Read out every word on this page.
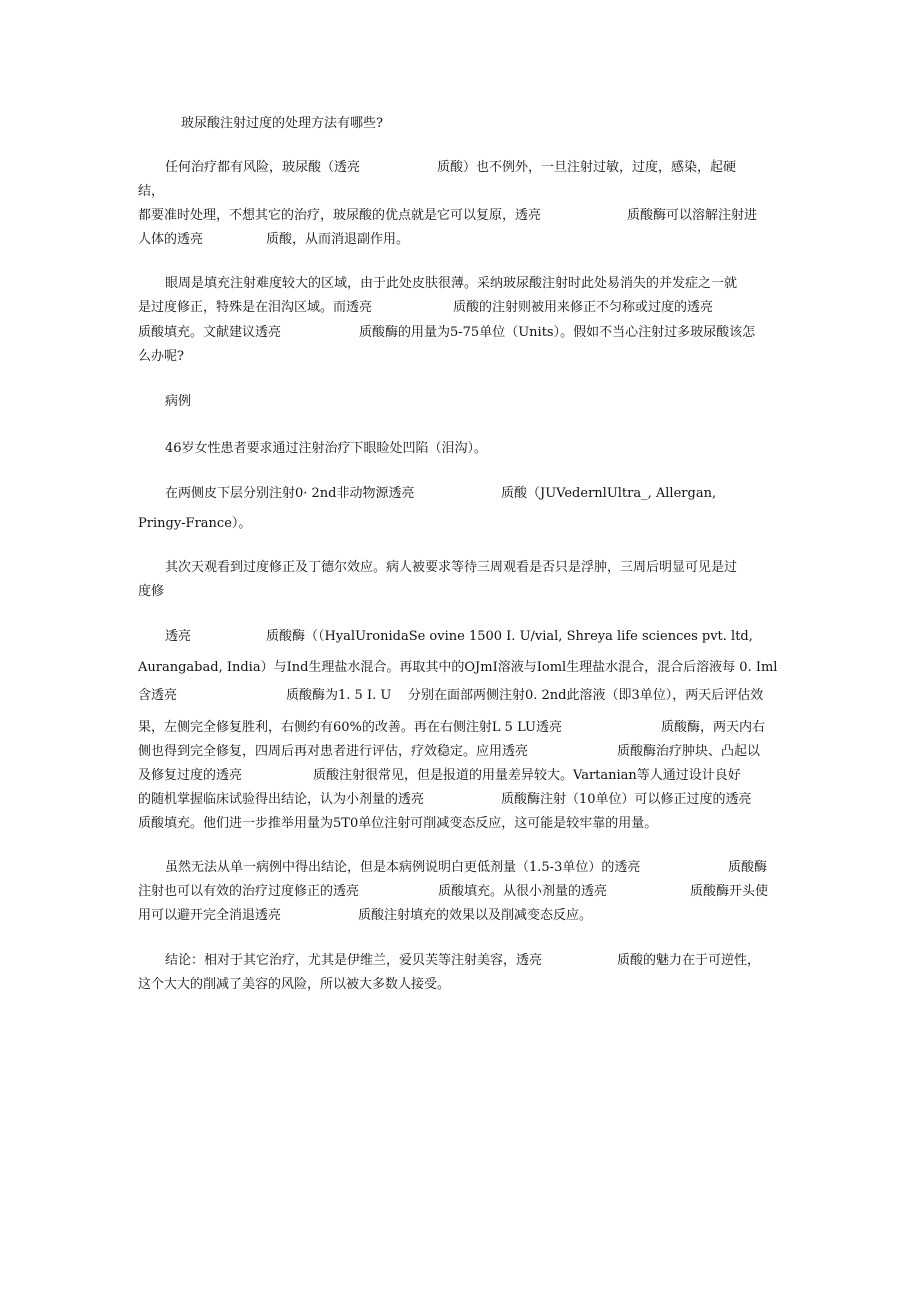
玻尿酸注射过度的处理方法有哪些?
任何治疗都有风险，玻尿酸（透亮	质酸）也不例外，一旦注射过敏，过度，感染，起硬
结，
都要准时处理，不想其它的治疗，玻尿酸的优点就是它可以复原，透亮	质酸酶可以溶解注射进
人体的透亮	质酸，从而消退副作用。
眼周是填充注射难度较大的区域，由于此处皮肤很薄。采纳玻尿酸注射时此处易消失的并发症之一就
是过度修正，特殊是在泪沟区域。而透亮	质酸的注射则被用来修正不匀称或过度的透亮
质酸填充。文献建议透亮	质酸酶的用量为5-75单位（Units）。假如不当心注射过多玻尿酸该怎
么办呢?
病例
46岁女性患者要求通过注射治疗下眼睑处凹陷（泪沟）。
在两侧皮下层分别注射0· 2nd非动物源透亮	质酸（JUVedernlUltra_, Allergan,
Pringy-France）。
其次天观看到过度修正及丁德尔效应。病人被要求等待三周观看是否只是浮肿，三周后明显可见是过
度修
透亮	质酸酶（（HyalUronidaSe ovine 1500 I. U/vial, Shreya life sciences pvt. ltd,
Aurangabad, India）与Ind生理盐水混合。再取其中的OJmI溶液与Ioml生理盐水混合，混合后溶液每 0. Iml
含透亮	质酸酶为1. 5 I. U 分别在面部两侧注射0. 2nd此溶液（即3单位），两天后评估效
果，左侧完全修复胜利，右侧约有60%的改善。再在右侧注射L 5 LU透亮	质酸酶，两天内右
侧也得到完全修复，四周后再对患者进行评估，疗效稳定。应用透亮	质酸酶治疗肿块、凸起以
及修复过度的透亮	质酸注射很常见，但是报道的用量差异较大。Vartanian等人通过设计良好
的随机掌握临床试验得出结论，认为小剂量的透亮	质酸酶注射（10单位）可以修正过度的透亮
质酸填充。他们进一步推举用量为5T0单位注射可削减变态反应，这可能是较牢靠的用量。
虽然无法从单一病例中得出结论，但是本病例说明白更低剂量（1.5-3单位）的透亮	质酸酶
注射也可以有效的治疗过度修正的透亮	质酸填充。从很小剂量的透亮	质酸酶开头使
用可以避开完全消退透亮	质酸注射填充的效果以及削减变态反应。
结论：相对于其它治疗，尤其是伊维兰，爱贝芙等注射美容，透亮	质酸的魅力在于可逆性，
这个大大的削减了美容的风险，所以被大多数人接受。
